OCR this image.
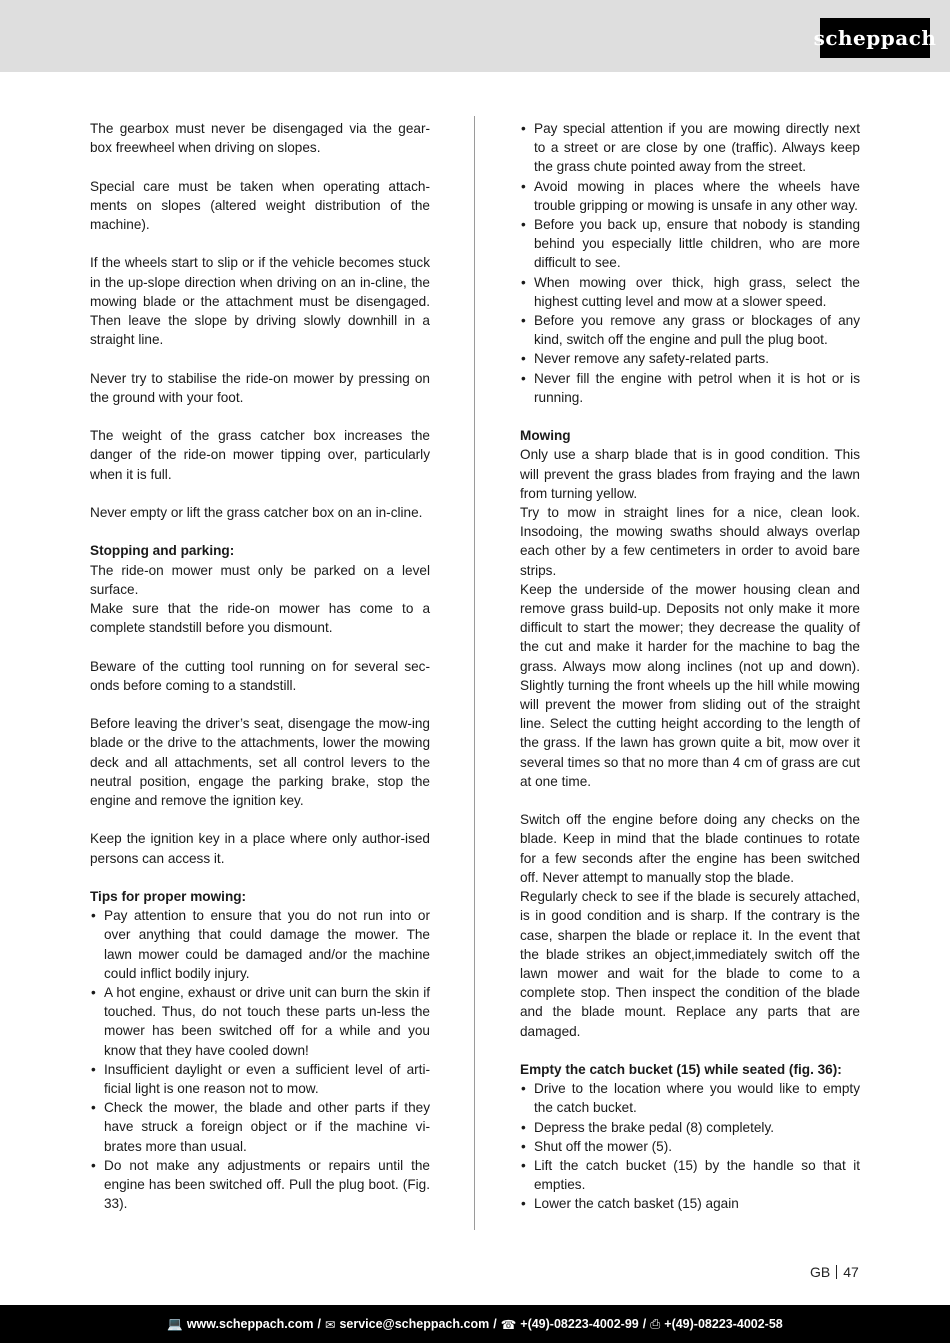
scheppach

The gearbox must never be disengaged via the gear-box freewheel when driving on slopes.

Special care must be taken when operating attach-ments on slopes (altered weight distribution of the machine).

If the wheels start to slip or if the vehicle becomes stuck in the up-slope direction when driving on an in-cline, the mowing blade or the attachment must be disengaged. Then leave the slope by driving slowly downhill in a straight line.

Never try to stabilise the ride-on mower by pressing on the ground with your foot.

The weight of the grass catcher box increases the danger of the ride-on mower tipping over, particularly when it is full.

Never empty or lift the grass catcher box on an in-cline.

Stopping and parking:

The ride-on mower must only be parked on a level surface.

Make sure that the ride-on mower has come to a complete standstill before you dismount.

Beware of the cutting tool running on for several sec-onds before coming to a standstill.

Before leaving the driver’s seat, disengage the mow-ing blade or the drive to the attachments, lower the mowing deck and all attachments, set all control levers to the neutral position, engage the parking brake, stop the engine and remove the ignition key.

Keep the ignition key in a place where only author-ised persons can access it.

Tips for proper mowing:

• Pay attention to ensure that you do not run into or over anything that could damage the mower. The lawn mower could be damaged and/or the machine could inflict bodily injury.
• A hot engine, exhaust or drive unit can burn the skin if touched. Thus, do not touch these parts un-less the mower has been switched off for a while and you know that they have cooled down!
• Insufficient daylight or even a sufficient level of arti-ficial light is one reason not to mow.
• Check the mower, the blade and other parts if they have struck a foreign object or if the machine vi-brates more than usual.
• Do not make any adjustments or repairs until the engine has been switched off. Pull the plug boot. (Fig. 33).
• Pay special attention if you are mowing directly next to a street or are close by one (traffic). Always keep the grass chute pointed away from the street.
• Avoid mowing in places where the wheels have trouble gripping or mowing is unsafe in any other way.
• Before you back up, ensure that nobody is standing behind you especially little children, who are more difficult to see.
• When mowing over thick, high grass, select the highest cutting level and mow at a slower speed.
• Before you remove any grass or blockages of any kind, switch off the engine and pull the plug boot.
• Never remove any safety-related parts.
• Never fill the engine with petrol when it is hot or is running.

Mowing

Only use a sharp blade that is in good condition. This will prevent the grass blades from fraying and the lawn from turning yellow.

Try to mow in straight lines for a nice, clean look. Insodoing, the mowing swaths should always overlap each other by a few centimeters in order to avoid bare strips.

Keep the underside of the mower housing clean and remove grass build-up. Deposits not only make it more difficult to start the mower; they decrease the quality of the cut and make it harder for the machine to bag the grass. Always mow along inclines (not up and down). Slightly turning the front wheels up the hill while mowing will prevent the mower from sliding out of the straight line. Select the cutting height according to the length of the grass. If the lawn has grown quite a bit, mow over it several times so that no more than 4 cm of grass are cut at one time.

Switch off the engine before doing any checks on the blade. Keep in mind that the blade continues to rotate for a few seconds after the engine has been switched off. Never attempt to manually stop the blade.

Regularly check to see if the blade is securely attached, is in good condition and is sharp. If the contrary is the case, sharpen the blade or replace it. In the event that the blade strikes an object,immediately switch off the lawn mower and wait for the blade to come to a complete stop. Then inspect the condition of the blade and the blade mount. Replace any parts that are damaged.

Empty the catch bucket (15) while seated (fig. 36):

• Drive to the location where you would like to empty the catch bucket.
• Depress the brake pedal (8) completely.
• Shut off the mower (5).
• Lift the catch bucket (15) by the handle so that it empties.
• Lower the catch basket (15) again
GB 47
💻 www.scheppach.com / ✉ service@scheppach.com / ☎ +(49)-08223-4002-99 / ⎙ +(49)-08223-4002-58
